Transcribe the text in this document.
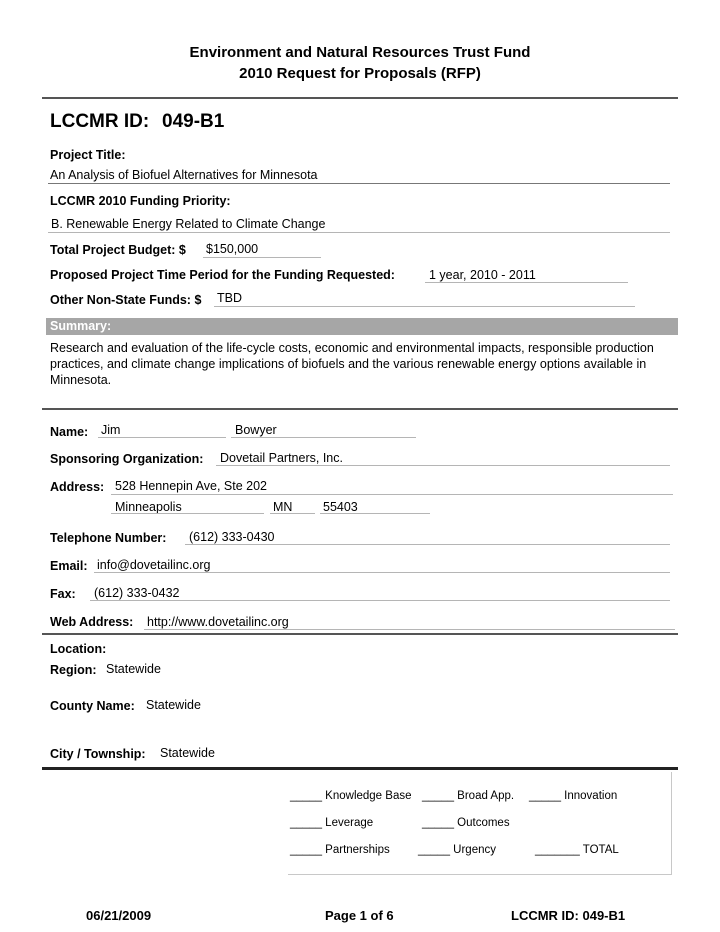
Environment and Natural Resources Trust Fund
2010 Request for Proposals (RFP)
LCCMR ID: 049-B1
Project Title:
An Analysis of Biofuel Alternatives for Minnesota
LCCMR 2010 Funding Priority:
B. Renewable Energy Related to Climate Change
Total Project Budget: $ $150,000
Proposed Project Time Period for the Funding Requested:	1 year, 2010 - 2011
Other Non-State Funds: $ TBD
Summary:
Research and evaluation of the life-cycle costs, economic and environmental impacts, responsible production practices, and climate change implications of biofuels and the various renewable energy options available in Minnesota.
Name: Jim	Bowyer
Sponsoring Organization: Dovetail Partners, Inc.
Address: 528 Hennepin Ave, Ste 202
Minneapolis	MN 55403
Telephone Number: (612) 333-0430
Email: info@dovetailinc.org
Fax: (612) 333-0432
Web Address: http://www.dovetailinc.org
Location:
Region: Statewide
County Name: Statewide
City / Township: Statewide
_____ Knowledge Base _____ Broad App. _____ Innovation
_____ Leverage	_____ Outcomes
_____ Partnerships _____ Urgency	_______ TOTAL
06/21/2009	Page 1 of 6	LCCMR ID: 049-B1
